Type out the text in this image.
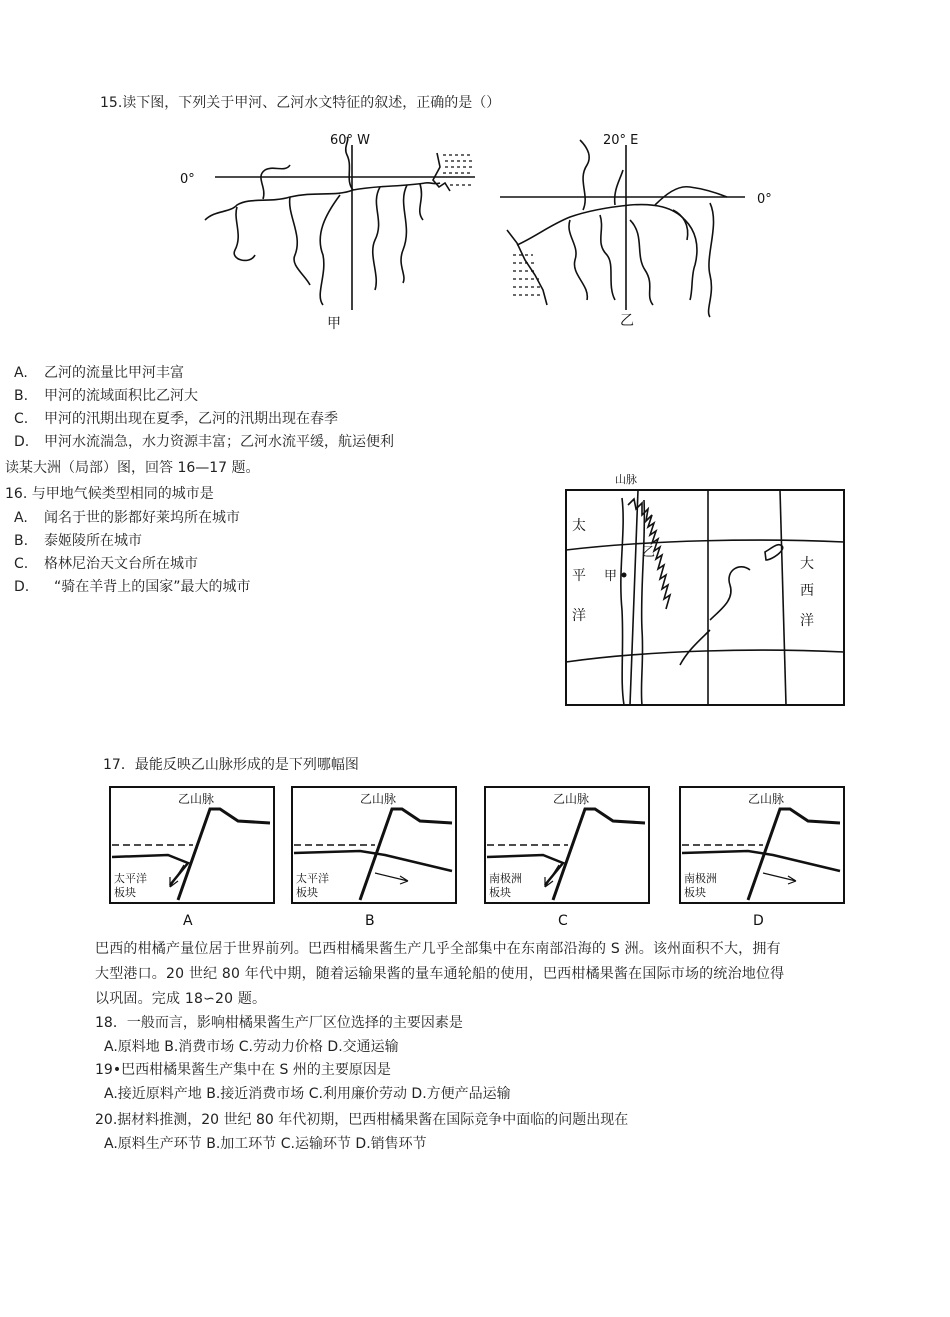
15.读下图，下列关于甲河、乙河水文特征的叙述，正确的是（）
60° W
0°
甲
20° E
0°
乙
A. 乙河的流量比甲河丰富
B. 甲河的流域面积比乙河大
C. 甲河的汛期出现在夏季，乙河的汛期出现在春季
D. 甲河水流湍急，水力资源丰富；乙河水流平缓，航运便利
读某大洲（局部）图，回答 16—17 题。
16. 与甲地气候类型相同的城市是
A. 闻名于世的影都好莱坞所在城市
B. 泰姬陵所在城市
C. 格林尼治天文台所在城市
D. “骑在羊背上的国家”最大的城市
山脉
太
平
洋
大
西
洋
甲
乙
17．最能反映乙山脉形成的是下列哪幅图
乙山脉
太平洋
板块
A
乙山脉
太平洋
板块
B
乙山脉
南极洲
板块
C
乙山脉
南极洲
板块
D
巴西的柑橘产量位居于世界前列。巴西柑橘果酱生产几乎全部集中在东南部沿海的 S 洲。该州面积不大，拥有
大型港口。20 世纪 80 年代中期，随着运输果酱的量车通轮船的使用，巴西柑橘果酱在国际市场的统治地位得
以巩固。完成 18∽20 题。
18．一般而言，影响柑橘果酱生产厂区位选择的主要因素是
A.原料地 B.消费市场 C.劳动力价格 D.交通运输
19•巴西柑橘果酱生产集中在 S 州的主要原因是
A.接近原料产地 B.接近消费市场 C.利用廉价劳动 D.方便产品运输
20.据材料推测，20 世纪 80 年代初期，巴西柑橘果酱在国际竞争中面临的问题出现在
A.原料生产环节 B.加工环节 C.运输环节 D.销售环节
